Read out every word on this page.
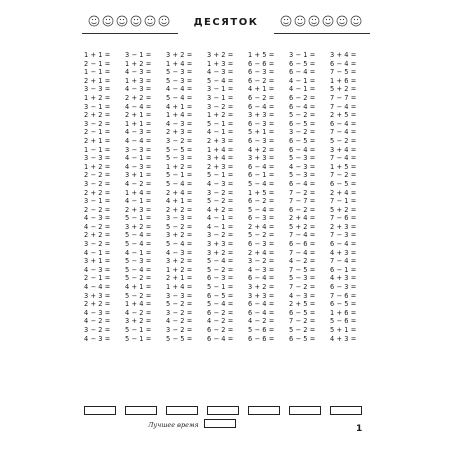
ДЕСЯТОК
1 + 1 =
2 − 1 =
1 − 1 =
2 + 1 =
3 − 3 =
1 + 2 =
3 − 1 =
2 + 2 =
3 − 2 =
2 − 1 =
2 + 1 =
1 − 1 =
3 − 3 =
1 + 2 =
2 − 2 =
3 − 2 =
2 + 2 =
3 − 1 =
2 − 2 =
4 − 3 =
4 − 2 =
2 + 2 =
3 − 2 =
4 − 1 =
3 + 1 =
4 − 3 =
2 − 1 =
4 − 4 =
3 + 3 =
2 + 2 =
4 − 3 =
4 − 2 =
3 − 2 =
4 − 3 =
3 − 1 =
1 + 2 =
4 − 3 =
1 + 3 =
4 − 3 =
2 + 2 =
4 − 4 =
2 + 1 =
1 + 1 =
4 − 3 =
4 − 4 =
3 − 3 =
4 − 1 =
4 − 3 =
3 + 1 =
4 − 2 =
1 + 4 =
4 − 1 =
2 + 3 =
5 − 1 =
3 + 2 =
5 − 4 =
5 − 4 =
4 − 1 =
5 − 3 =
5 − 4 =
5 − 2 =
4 + 1 =
5 − 2 =
1 + 4 =
4 − 2 =
3 + 2 =
5 − 1 =
5 − 1 =
3 + 2 =
1 + 4 =
5 − 3 =
5 − 3 =
4 − 4 =
5 − 4 =
4 + 1 =
1 + 4 =
4 − 3 =
2 + 3 =
3 − 2 =
5 − 5 =
5 − 3 =
1 + 2 =
5 − 1 =
5 − 4 =
2 + 4 =
4 + 1 =
2 + 2 =
3 − 3 =
5 − 2 =
3 + 2 =
5 − 4 =
4 − 3 =
3 + 2 =
1 + 2 =
2 + 1 =
1 + 4 =
3 − 3 =
5 − 2 =
3 − 2 =
4 − 2 =
3 − 2 =
5 − 5 =
3 + 2 =
1 + 3 =
4 − 3 =
5 − 4 =
3 − 1 =
3 − 1 =
3 − 2 =
1 + 2 =
5 − 1 =
4 − 1 =
2 + 3 =
1 + 4 =
3 + 4 =
2 + 3 =
5 − 1 =
4 − 3 =
3 − 2 =
5 − 2 =
4 + 2 =
4 − 1 =
4 − 1 =
3 − 2 =
3 + 3 =
3 + 2 =
5 − 4 =
5 − 2 =
6 − 3 =
5 − 1 =
6 − 5 =
5 − 4 =
6 − 2 =
4 − 2 =
6 − 2 =
6 − 4 =
1 + 5 =
6 − 6 =
6 − 3 =
6 − 2 =
4 + 1 =
6 − 2 =
6 − 4 =
3 + 3 =
6 − 3 =
5 + 1 =
6 − 3 =
4 + 2 =
3 + 3 =
6 − 4 =
6 − 1 =
5 − 4 =
1 + 5 =
6 − 2 =
5 − 4 =
6 − 3 =
2 + 4 =
5 − 2 =
6 − 3 =
2 + 4 =
3 − 2 =
4 − 3 =
6 − 4 =
3 + 2 =
3 + 3 =
6 − 4 =
6 − 4 =
4 − 2 =
5 − 6 =
6 − 6 =
3 − 1 =
6 − 5 =
6 − 4 =
4 − 1 =
4 − 1 =
6 − 2 =
6 − 4 =
5 − 2 =
6 − 5 =
3 − 2 =
6 − 5 =
6 − 4 =
5 − 3 =
4 − 3 =
5 − 3 =
6 − 4 =
7 − 2 =
7 − 7 =
6 − 2 =
2 + 4 =
5 + 2 =
7 − 4 =
6 − 6 =
7 − 4 =
4 − 2 =
7 − 5 =
5 − 3 =
7 − 2 =
4 − 3 =
2 + 5 =
6 − 5 =
7 − 2 =
5 − 2 =
6 − 5 =
3 + 4 =
6 − 4 =
7 − 5 =
1 + 6 =
5 + 2 =
7 − 7 =
7 − 4 =
2 + 5 =
6 − 4 =
7 − 4 =
5 − 2 =
3 + 4 =
7 − 4 =
1 + 5 =
7 − 2 =
6 − 5 =
2 + 4 =
7 − 1 =
5 + 2 =
7 − 6 =
2 + 3 =
7 − 3 =
6 − 4 =
4 + 3 =
7 − 4 =
6 − 1 =
4 + 3 =
6 − 3 =
7 − 6 =
6 − 5 =
1 + 6 =
5 − 6 =
5 + 1 =
4 + 3 =
Лучшее время	1
